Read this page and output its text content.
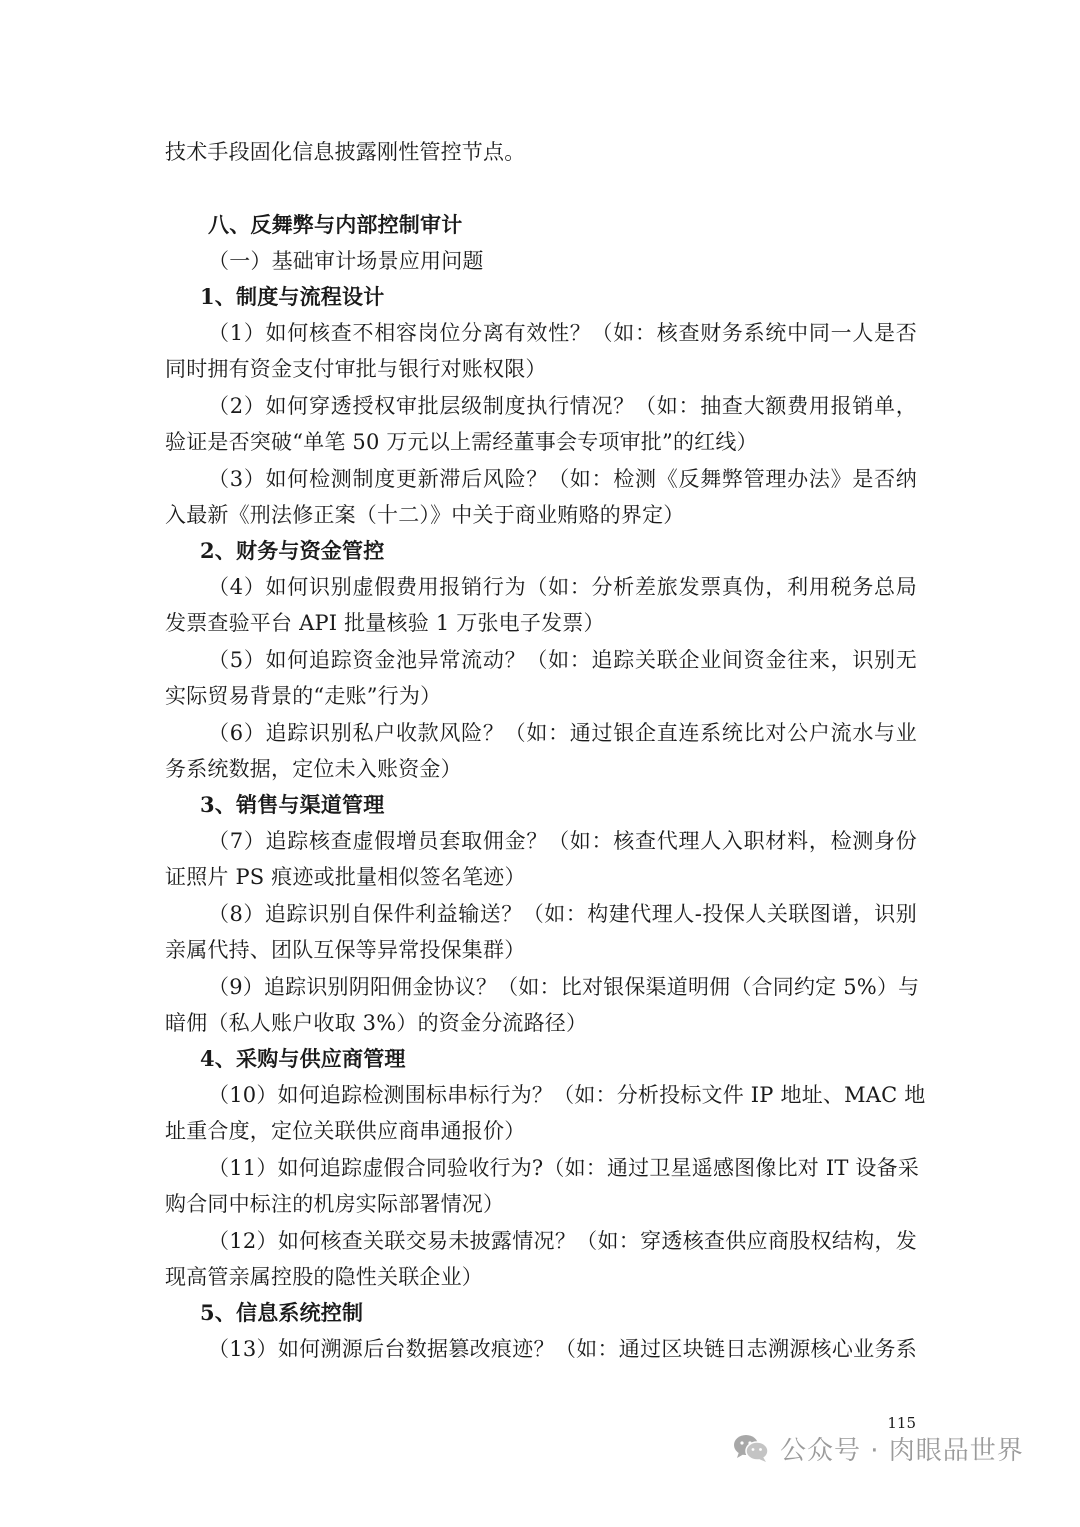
技术手段固化信息披露刚性管控节点。
八、反舞弊与内部控制审计
（一）基础审计场景应用问题
1、制度与流程设计
（1）如何核查不相容岗位分离有效性？（如：核查财务系统中同一人是否
同时拥有资金支付审批与银行对账权限）
（2）如何穿透授权审批层级制度执行情况？（如：抽查大额费用报销单，
验证是否突破“单笔 50 万元以上需经董事会专项审批”的红线）
（3）如何检测制度更新滞后风险？（如：检测《反舞弊管理办法》是否纳
入最新《刑法修正案（十二）》中关于商业贿赂的界定）
2、财务与资金管控
（4）如何识别虚假费用报销行为（如：分析差旅发票真伪，利用税务总局
发票查验平台 API 批量核验 1 万张电子发票）
（5）如何追踪资金池异常流动？（如：追踪关联企业间资金往来，识别无
实际贸易背景的“走账”行为）
（6）追踪识别私户收款风险？（如：通过银企直连系统比对公户流水与业
务系统数据，定位未入账资金）
3、销售与渠道管理
（7）追踪核查虚假增员套取佣金？（如：核查代理人入职材料，检测身份
证照片 PS 痕迹或批量相似签名笔迹）
（8）追踪识别自保件利益输送？（如：构建代理人-投保人关联图谱，识别
亲属代持、团队互保等异常投保集群）
（9）追踪识别阴阳佣金协议？（如：比对银保渠道明佣（合同约定 5%）与
暗佣（私人账户收取 3%）的资金分流路径）
4、采购与供应商管理
（10）如何追踪检测围标串标行为？（如：分析投标文件 IP 地址、MAC 地
址重合度，定位关联供应商串通报价）
（11）如何追踪虚假合同验收行为?（如：通过卫星遥感图像比对 IT 设备采
购合同中标注的机房实际部署情况）
（12）如何核查关联交易未披露情况？（如：穿透核查供应商股权结构，发
现高管亲属控股的隐性关联企业）
5、信息系统控制
（13）如何溯源后台数据篡改痕迹？（如：通过区块链日志溯源核心业务系
115
公众号 · 肉眼品世界
